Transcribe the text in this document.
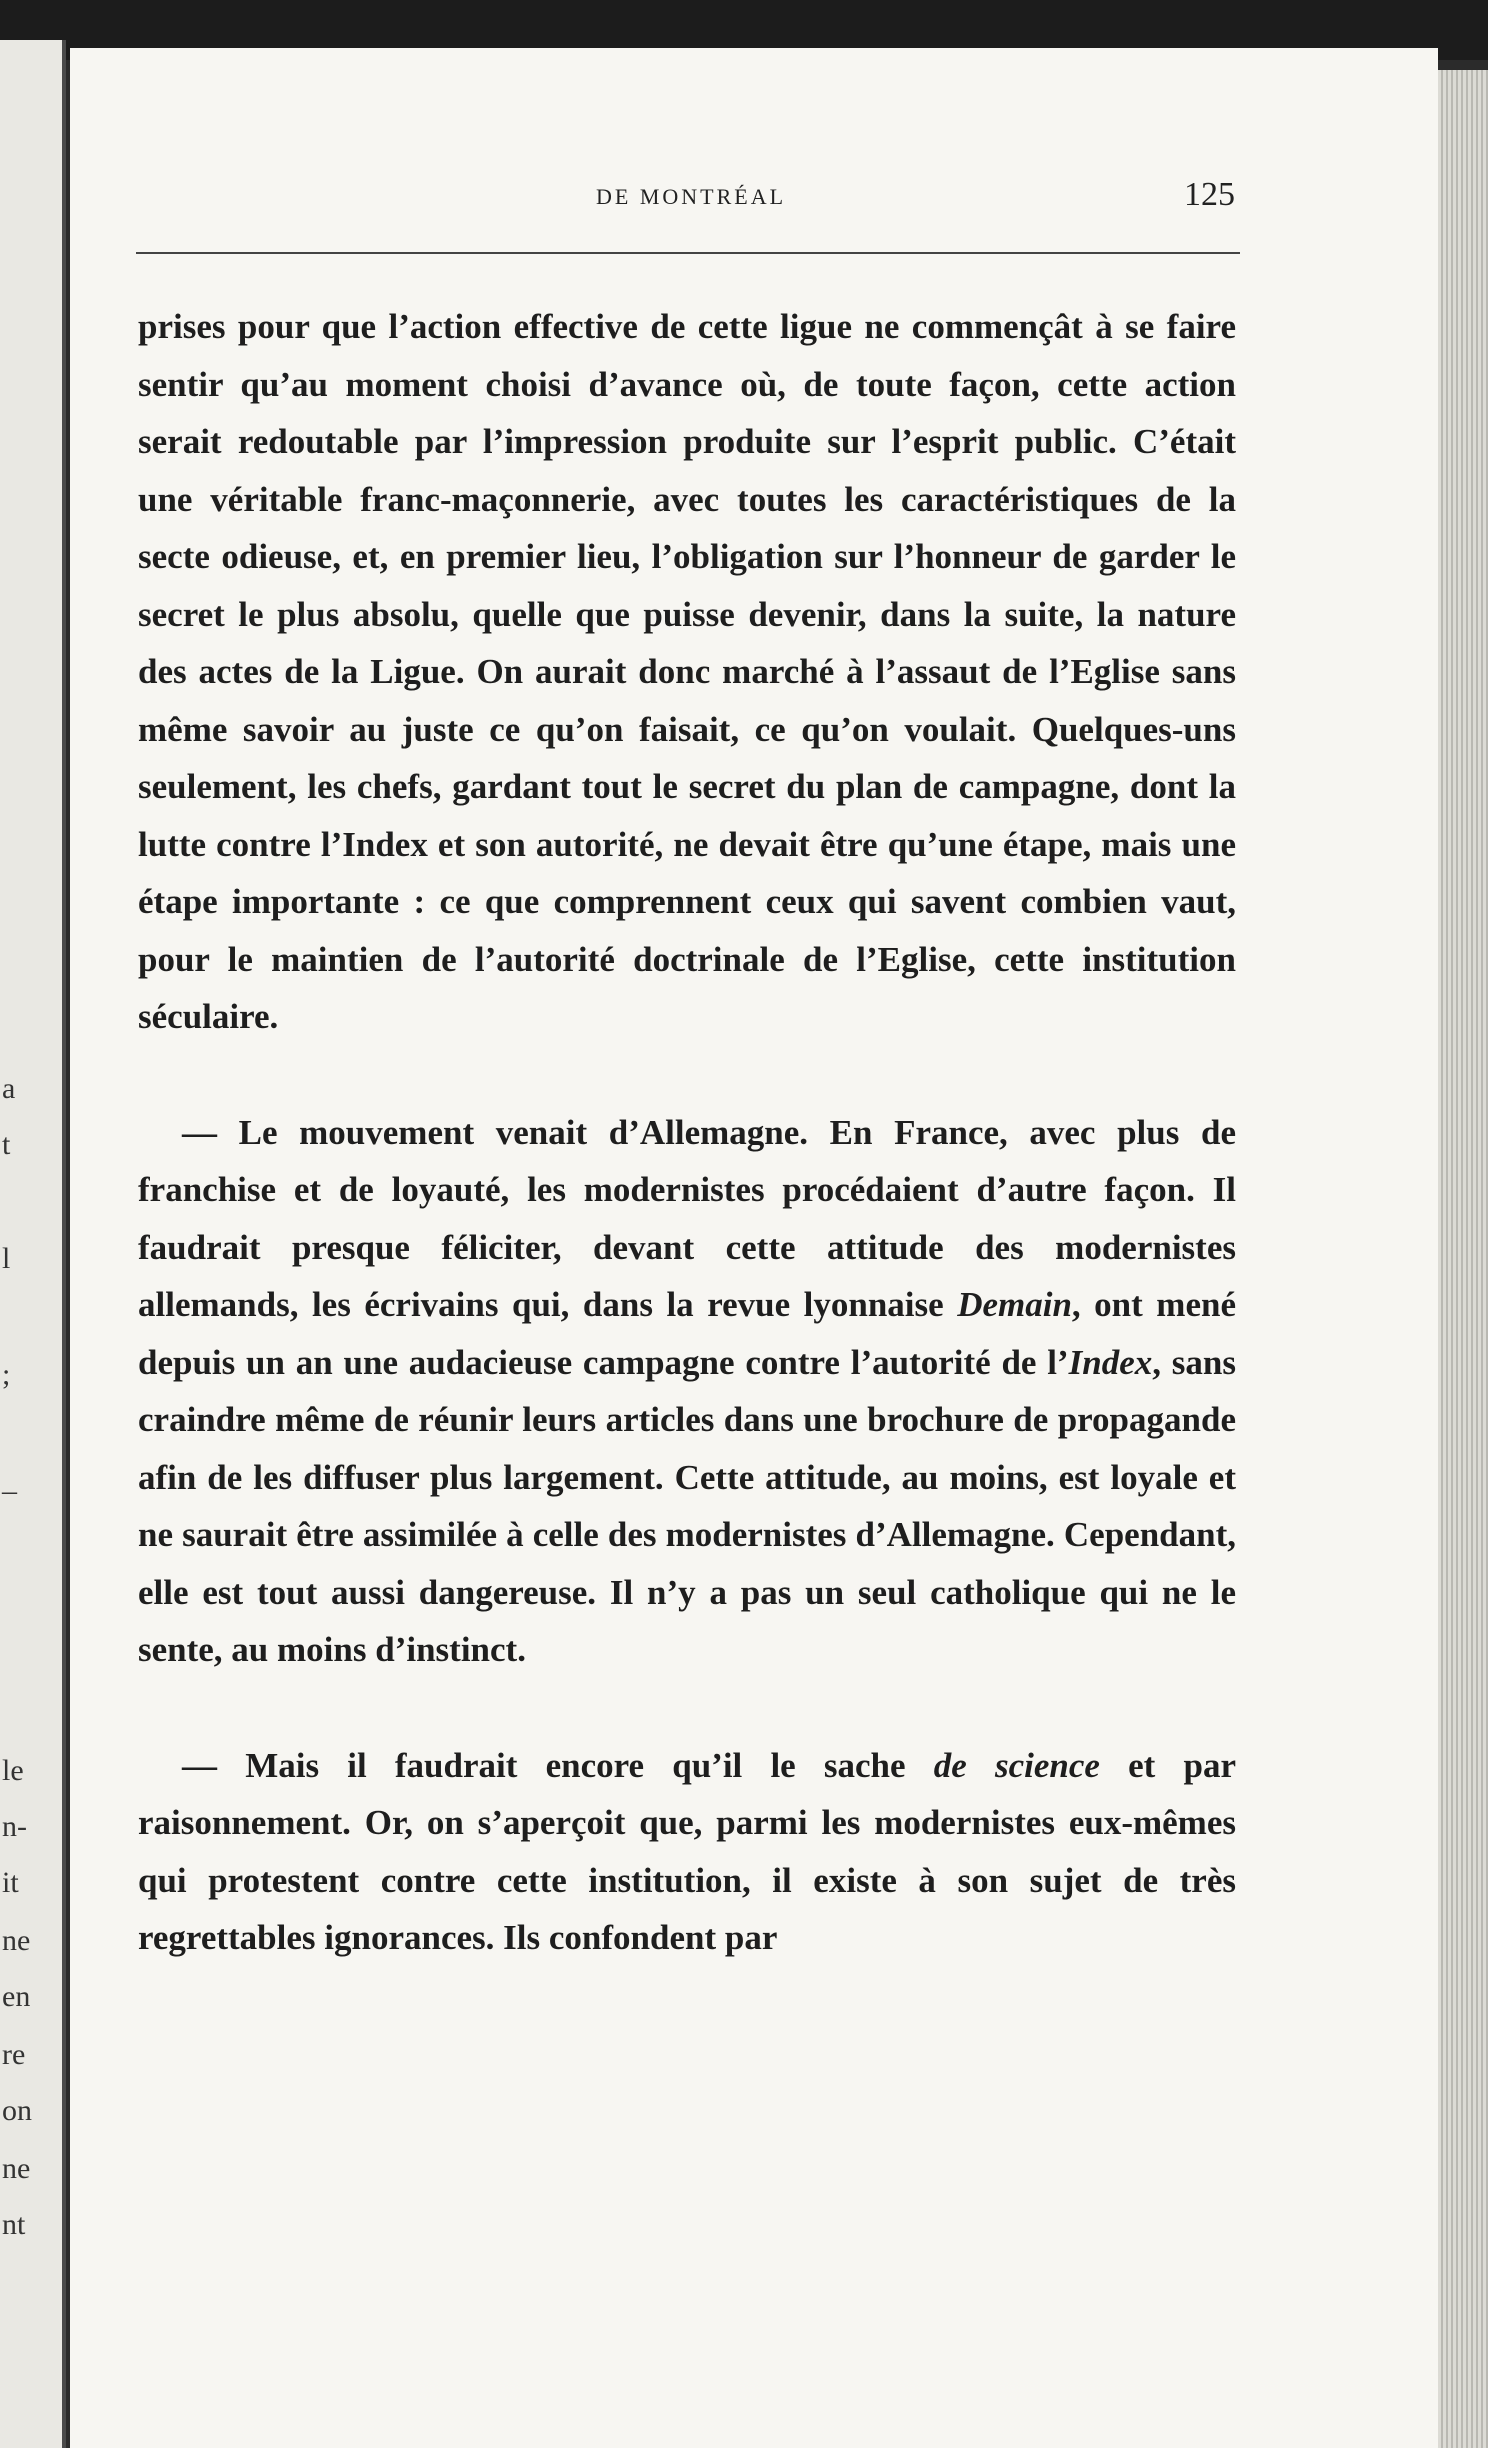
a
t
l
;
–
le
n-
it
ne
en
re
on
ne
nt
DE MONTRÉAL	125

prises pour que l’action effective de cette ligue ne commençât à se faire sentir qu’au moment choisi d’avance où, de toute façon, cette action serait redoutable par l’impression produite sur l’esprit public. C’était une véritable franc-maçonnerie, avec toutes les caractéristiques de la secte odieuse, et, en premier lieu, l’obligation sur l’honneur de garder le secret le plus absolu, quelle que puisse devenir, dans la suite, la nature des actes de la Ligue. On aurait donc marché à l’assaut de l’Eglise sans même savoir au juste ce qu’on faisait, ce qu’on voulait. Quelques-uns seulement, les chefs, gardant tout le secret du plan de campagne, dont la lutte contre l’Index et son autorité, ne devait être qu’une étape, mais une étape importante : ce que comprennent ceux qui savent combien vaut, pour le maintien de l’autorité doctrinale de l’Eglise, cette institution séculaire.

— Le mouvement venait d’Allemagne. En France, avec plus de franchise et de loyauté, les modernistes procédaient d’autre façon. Il faudrait presque féliciter, devant cette attitude des modernistes allemands, les écrivains qui, dans la revue lyonnaise Demain, ont mené depuis un an une audacieuse campagne contre l’autorité de l’Index, sans craindre même de réunir leurs articles dans une brochure de propagande afin de les diffuser plus largement. Cette attitude, au moins, est loyale et ne saurait être assimilée à celle des modernistes d’Allemagne. Cependant, elle est tout aussi dangereuse. Il n’y a pas un seul catholique qui ne le sente, au moins d’instinct.

— Mais il faudrait encore qu’il le sache de science et par raisonnement. Or, on s’aperçoit que, parmi les modernistes eux-mêmes qui protestent contre cette institution, il existe à son sujet de très regrettables ignorances. Ils confondent par
